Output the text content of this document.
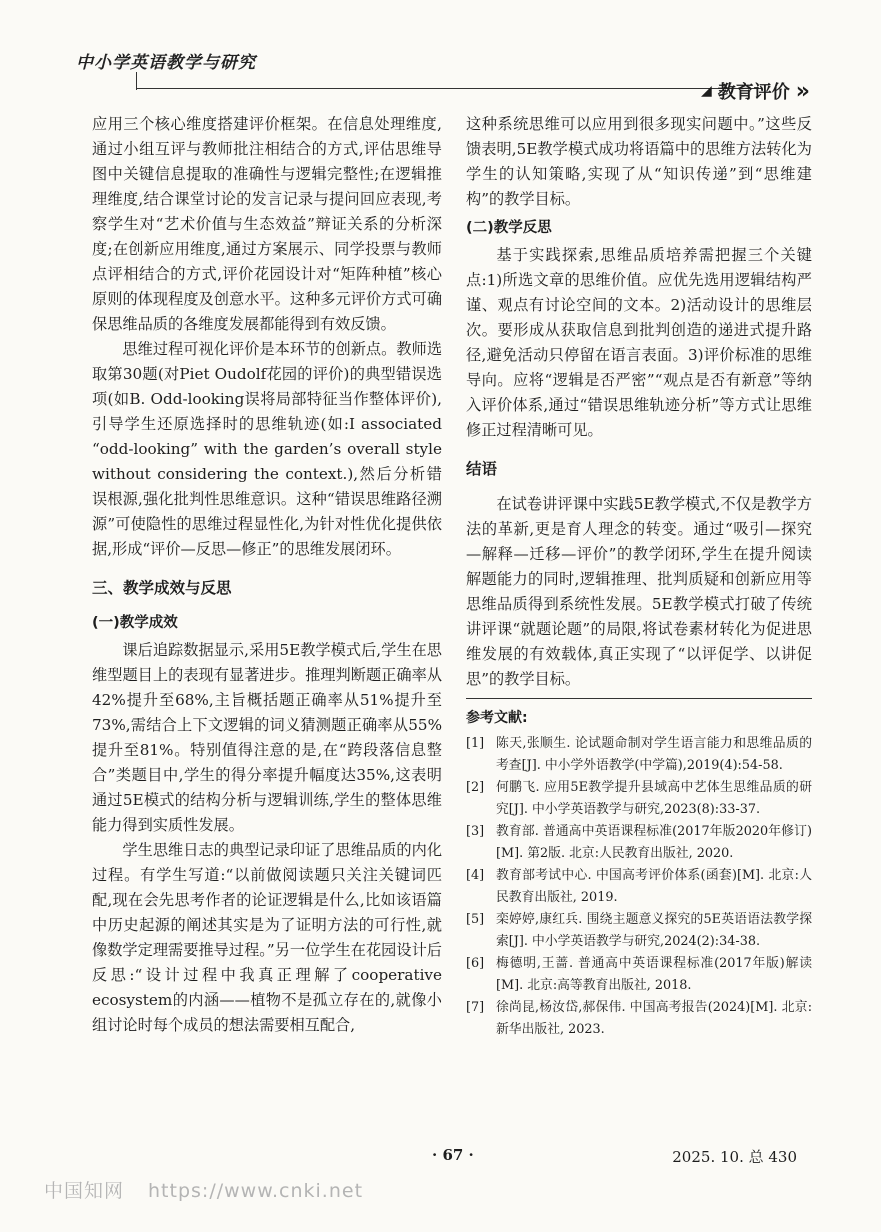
中小学英语教学与研究
◢ 教育评价 »

应用三个核心维度搭建评价框架。在信息处理维度,通过小组互评与教师批注相结合的方式,评估思维导图中关键信息提取的准确性与逻辑完整性;在逻辑推理维度,结合课堂讨论的发言记录与提问回应表现,考察学生对“艺术价值与生态效益”辩证关系的分析深度;在创新应用维度,通过方案展示、同学投票与教师点评相结合的方式,评价花园设计对“矩阵种植”核心原则的体现程度及创意水平。这种多元评价方式可确保思维品质的各维度发展都能得到有效反馈。

思维过程可视化评价是本环节的创新点。教师选取第30题(对Piet Oudolf花园的评价)的典型错误选项(如B. Odd-looking误将局部特征当作整体评价),引导学生还原选择时的思维轨迹(如:I associated “odd-looking” with the garden’s overall style without considering the context.),然后分析错误根源,强化批判性思维意识。这种“错误思维路径溯源”可使隐性的思维过程显性化,为针对性优化提供依据,形成“评价—反思—修正”的思维发展闭环。

三、教学成效与反思
(一)教学成效

课后追踪数据显示,采用5E教学模式后,学生在思维型题目上的表现有显著进步。推理判断题正确率从42%提升至68%,主旨概括题正确率从51%提升至73%,需结合上下文逻辑的词义猜测题正确率从55%提升至81%。特别值得注意的是,在“跨段落信息整合”类题目中,学生的得分率提升幅度达35%,这表明通过5E模式的结构分析与逻辑训练,学生的整体思维能力得到实质性发展。

学生思维日志的典型记录印证了思维品质的内化过程。有学生写道:“以前做阅读题只关注关键词匹配,现在会先思考作者的论证逻辑是什么,比如该语篇中历史起源的阐述其实是为了证明方法的可行性,就像数学定理需要推导过程。”另一位学生在花园设计后反思:“设计过程中我真正理解了cooperative ecosystem的内涵——植物不是孤立存在的,就像小组讨论时每个成员的想法需要相互配合,

这种系统思维可以应用到很多现实问题中。”这些反馈表明,5E教学模式成功将语篇中的思维方法转化为学生的认知策略,实现了从“知识传递”到“思维建构”的教学目标。

(二)教学反思

基于实践探索,思维品质培养需把握三个关键点:1)所选文章的思维价值。应优先选用逻辑结构严谨、观点有讨论空间的文本。2)活动设计的思维层次。要形成从获取信息到批判创造的递进式提升路径,避免活动只停留在语言表面。3)评价标准的思维导向。应将“逻辑是否严密”“观点是否有新意”等纳入评价体系,通过“错误思维轨迹分析”等方式让思维修正过程清晰可见。

结语

在试卷讲评课中实践5E教学模式,不仅是教学方法的革新,更是育人理念的转变。通过“吸引—探究—解释—迁移—评价”的教学闭环,学生在提升阅读解题能力的同时,逻辑推理、批判质疑和创新应用等思维品质得到系统性发展。5E教学模式打破了传统讲评课“就题论题”的局限,将试卷素材转化为促进思维发展的有效载体,真正实现了“以评促学、以讲促思”的教学目标。

参考文献:
[1] 陈天,张顺生. 论试题命制对学生语言能力和思维品质的考查[J]. 中小学外语教学(中学篇),2019(4):54-58.
[2] 何鹏飞. 应用5E教学提升县域高中艺体生思维品质的研究[J]. 中小学英语教学与研究,2023(8):33-37.
[3] 教育部. 普通高中英语课程标准(2017年版2020年修订)[M]. 第2版. 北京:人民教育出版社, 2020.
[4] 教育部考试中心. 中国高考评价体系(函套)[M]. 北京:人民教育出版社, 2019.
[5] 栾婷婷,康红兵. 围绕主题意义探究的5E英语语法教学探索[J]. 中小学英语教学与研究,2024(2):34-38.
[6] 梅德明,王蔷. 普通高中英语课程标准(2017年版)解读[M]. 北京:高等教育出版社, 2018.
[7] 徐尚昆,杨汝岱,郝保伟. 中国高考报告(2024)[M]. 北京:新华出版社, 2023.
· 67 ·	2025. 10. 总 430
中国知网 https://www.cnki.net
